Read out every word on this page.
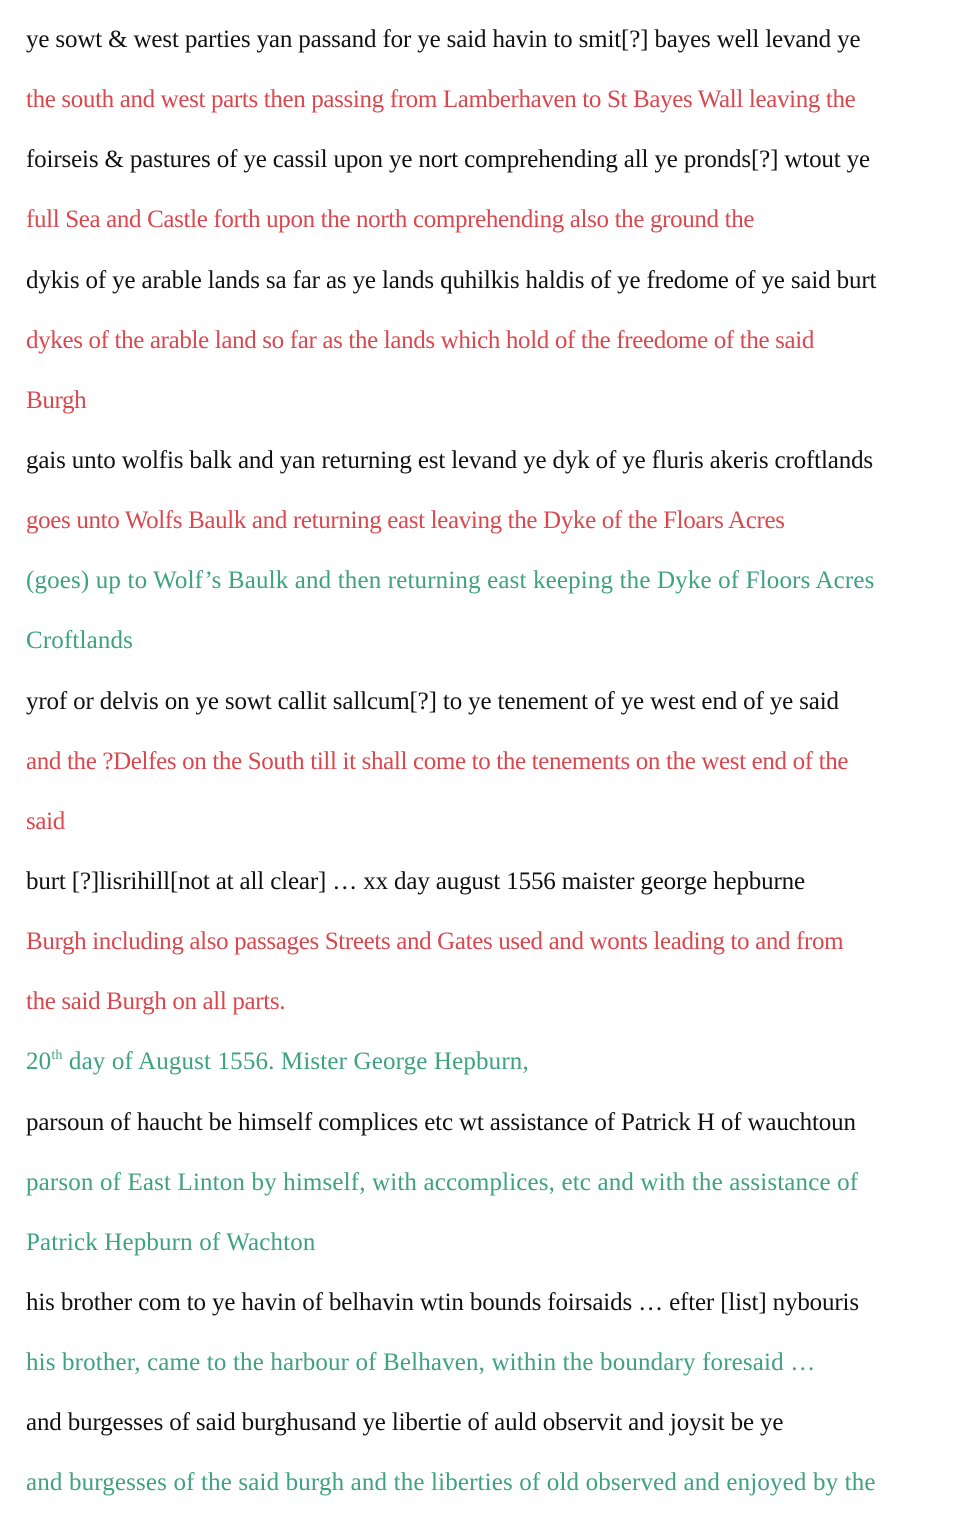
ye sowt & west parties yan passand for ye said havin to smit[?] bayes well levand ye
the south and west parts then passing from Lamberhaven to St Bayes Wall leaving the
foirseis & pastures of ye cassil upon ye nort comprehending all ye pronds[?] wtout ye
full Sea and Castle forth upon the north comprehending also the ground the
dykis of ye arable lands sa far as ye lands quhilkis haldis of ye fredome of ye said burt
dykes of the arable land so far as the lands which hold of the freedome of the said
Burgh
gais unto wolfis balk and yan returning est levand ye dyk of ye fluris akeris croftlands
goes unto Wolfs Baulk and returning east leaving the Dyke of the Floars Acres
(goes) up to Wolf’s Baulk and then returning east keeping the Dyke of Floors Acres
Croftlands
yrof or delvis on ye sowt callit sallcum[?] to ye tenement of ye west end of ye said
and the ?Delfes on the South till it shall come to the tenements on the west end of the
said
burt [?]lisrihill[not at all clear] … xx day august 1556 maister george hepburne
Burgh including also passages Streets and Gates used and wonts leading to and from
the said Burgh on all parts.
20th day of August 1556. Mister George Hepburn,
parsoun of haucht be himself complices etc wt assistance of Patrick H of wauchtoun
parson of East Linton by himself, with accomplices, etc and with the assistance of
Patrick Hepburn of Wachton
his brother com to ye havin of belhavin wtin bounds foirsaids … efter [list] nybouris
his brother, came to the harbour of Belhaven, within the boundary foresaid …
and burgesses of said burghusand ye libertie of auld observit and joysit be ye
and burgesses of the said burgh and the liberties of old observed and enjoyed by the
